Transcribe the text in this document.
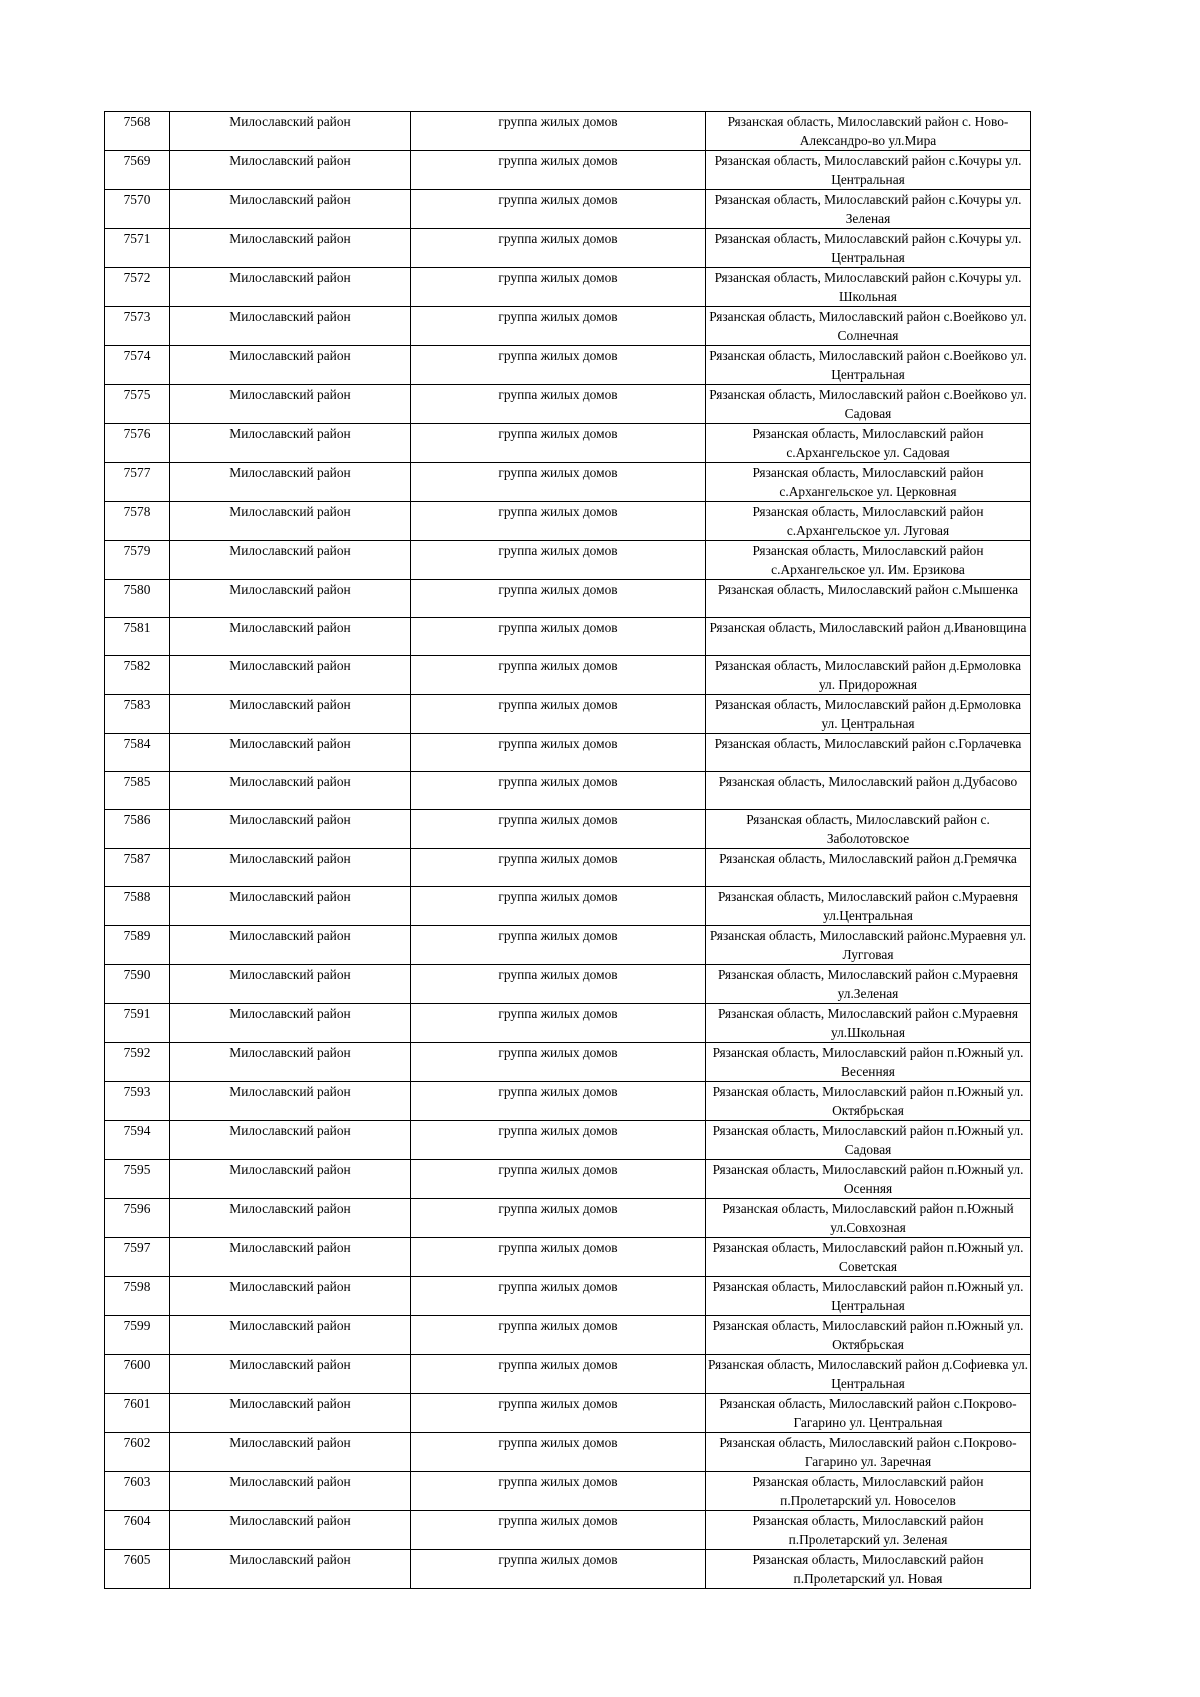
7568	Милославский район	группа жилых домов	Рязанская область, Милославский район с. Ново-Александро-во ул.Мира
7569	Милославский район	группа жилых домов	Рязанская область, Милославский район с.Кочуры ул. Центральная
7570	Милославский район	группа жилых домов	Рязанская область, Милославский район с.Кочуры ул. Зеленая
7571	Милославский район	группа жилых домов	Рязанская область, Милославский район с.Кочуры ул. Центральная
7572	Милославский район	группа жилых домов	Рязанская область, Милославский район с.Кочуры ул. Школьная
7573	Милославский район	группа жилых домов	Рязанская область, Милославский район с.Воейково ул. Солнечная
7574	Милославский район	группа жилых домов	Рязанская область, Милославский район с.Воейково ул. Центральная
7575	Милославский район	группа жилых домов	Рязанская область, Милославский район с.Воейково ул. Садовая
7576	Милославский район	группа жилых домов	Рязанская область, Милославский район с.Архангельское ул. Садовая
7577	Милославский район	группа жилых домов	Рязанская область, Милославский район с.Архангельское ул. Церковная
7578	Милославский район	группа жилых домов	Рязанская область, Милославский район с.Архангельское ул. Луговая
7579	Милославский район	группа жилых домов	Рязанская область, Милославский район с.Архангельское ул. Им. Ерзикова
7580	Милославский район	группа жилых домов	Рязанская область, Милославский район с.Мышенка
7581	Милославский район	группа жилых домов	Рязанская область, Милославский район д.Ивановщина
7582	Милославский район	группа жилых домов	Рязанская область, Милославский район д.Ермоловка ул. Придорожная
7583	Милославский район	группа жилых домов	Рязанская область, Милославский район д.Ермоловка ул. Центральная
7584	Милославский район	группа жилых домов	Рязанская область, Милославский район с.Горлачевка
7585	Милославский район	группа жилых домов	Рязанская область, Милославский район д.Дубасово
7586	Милославский район	группа жилых домов	Рязанская область, Милославский район с. Заболотовское
7587	Милославский район	группа жилых домов	Рязанская область, Милославский район д.Гремячка
7588	Милославский район	группа жилых домов	Рязанская область, Милославский район с.Мураевня ул.Центральная
7589	Милославский район	группа жилых домов	Рязанская область, Милославский районс.Мураевня ул. Лугговая
7590	Милославский район	группа жилых домов	Рязанская область, Милославский район с.Мураевня ул.Зеленая
7591	Милославский район	группа жилых домов	Рязанская область, Милославский район с.Мураевня ул.Школьная
7592	Милославский район	группа жилых домов	Рязанская область, Милославский район п.Южный ул. Весенняя
7593	Милославский район	группа жилых домов	Рязанская область, Милославский район п.Южный ул. Октябрьская
7594	Милославский район	группа жилых домов	Рязанская область, Милославский район п.Южный ул. Садовая
7595	Милославский район	группа жилых домов	Рязанская область, Милославский район п.Южный ул. Осенняя
7596	Милославский район	группа жилых домов	Рязанская область, Милославский район п.Южный ул.Совхозная
7597	Милославский район	группа жилых домов	Рязанская область, Милославский район п.Южный ул. Советская
7598	Милославский район	группа жилых домов	Рязанская область, Милославский район п.Южный ул. Центральная
7599	Милославский район	группа жилых домов	Рязанская область, Милославский район п.Южный ул. Октябрьская
7600	Милославский район	группа жилых домов	Рязанская область, Милославский район д.Софиевка ул. Центральная
7601	Милославский район	группа жилых домов	Рязанская область, Милославский район с.Покрово-Гагарино ул. Центральная
7602	Милославский район	группа жилых домов	Рязанская область, Милославский район с.Покрово-Гагарино ул. Заречная
7603	Милославский район	группа жилых домов	Рязанская область, Милославский район п.Пролетарский ул. Новоселов
7604	Милославский район	группа жилых домов	Рязанская область, Милославский район п.Пролетарский ул. Зеленая
7605	Милославский район	группа жилых домов	Рязанская область, Милославский район п.Пролетарский ул. Новая
